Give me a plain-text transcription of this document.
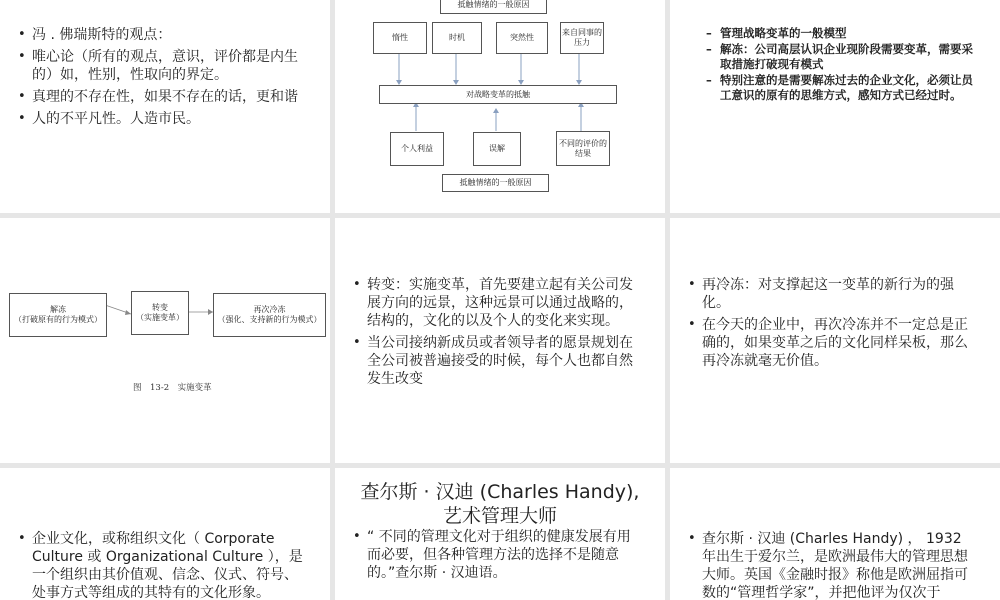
• 冯 . 佛瑞斯特的观点：
• 唯心论（所有的观点，意识，评价都是内生的）如，性别，性取向的界定。
• 真理的不存在性，如果不存在的话，更和谐
• 人的不平凡性。人造市民。
抵触情绪的一般原因
惰性	时机	突然性
来自同事的压力
对战略变革的抵触
个人利益	误解
不同的评价的结果
抵触情绪的一般原因
– 管理战略变革的一般模型
– 解冻：公司高层认识企业现阶段需要变革，需要采取措施打破现有模式
– 特别注意的是需要解冻过去的企业文化，必须让员工意识的原有的思维方式，感知方式已经过时。
解冻
（打破原有的行为模式）
转变
（实施变革）
再次冷冻
（强化、支持新的行为模式）
图　13-2　实施变革
• 转变：实施变革，首先要建立起有关公司发展方向的远景，这种远景可以通过战略的，结构的，文化的以及个人的变化来实现。
• 当公司接纳新成员或者领导者的愿景规划在全公司被普遍接受的时候，每个人也都自然发生改变
• 再冷冻：对支撑起这一变革的新行为的强化。
• 在今天的企业中，再次冷冻并不一定总是正确的，如果变革之后的文化同样呆板，那么再冷冻就毫无价值。
• 企业文化，或称组织文化（ Corporate Culture 或 Organizational Culture ），是一个组织由其价值观、信念、仪式、符号、处事方式等组成的其特有的文化形象。
查尔斯 · 汉迪 (Charles Handy), 艺术管理大师
• “ 不同的管理文化对于组织的健康发展有用而必要，但各种管理方法的选择不是随意的。”查尔斯 · 汉迪语。
• 查尔斯 · 汉迪 (Charles Handy) ， 1932 年出生于爱尔兰，是欧洲最伟大的管理思想大师。英国《金融时报》称他是欧洲屈指可数的“管理哲学家”，并把他评为仅次于
